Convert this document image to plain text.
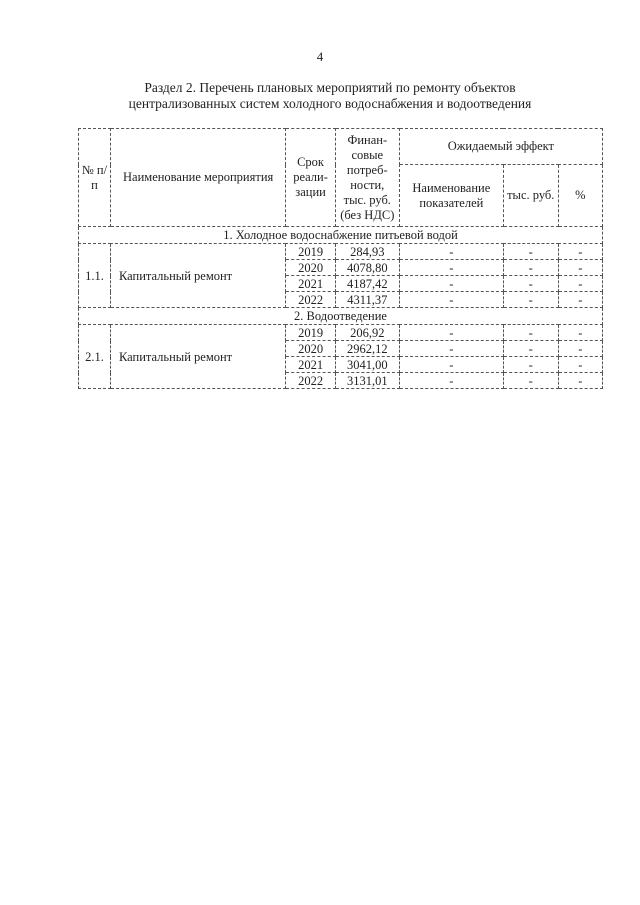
4
Раздел 2. Перечень плановых мероприятий по ремонту объектов
централизованных систем холодного водоснабжения и водоотведения
№ п/п	Наименование мероприятия	Срок реали-зации	Финан-совые потреб-ности, тыс. руб. (без НДС)	Ожидаемый эффект		
				Наименование показателей	тыс. руб.	%
1. Холодное водоснабжение питьевой водой						
1.1.	Капитальный ремонт	2019	284,93	-	-	-
		2020	4078,80	-	-	-
		2021	4187,42	-	-	-
		2022	4311,37	-	-	-
2. Водоотведение						
2.1.	Капитальный ремонт	2019	206,92	-	-	-
		2020	2962,12	-	-	-
		2021	3041,00	-	-	-
		2022	3131,01	-	-	-
